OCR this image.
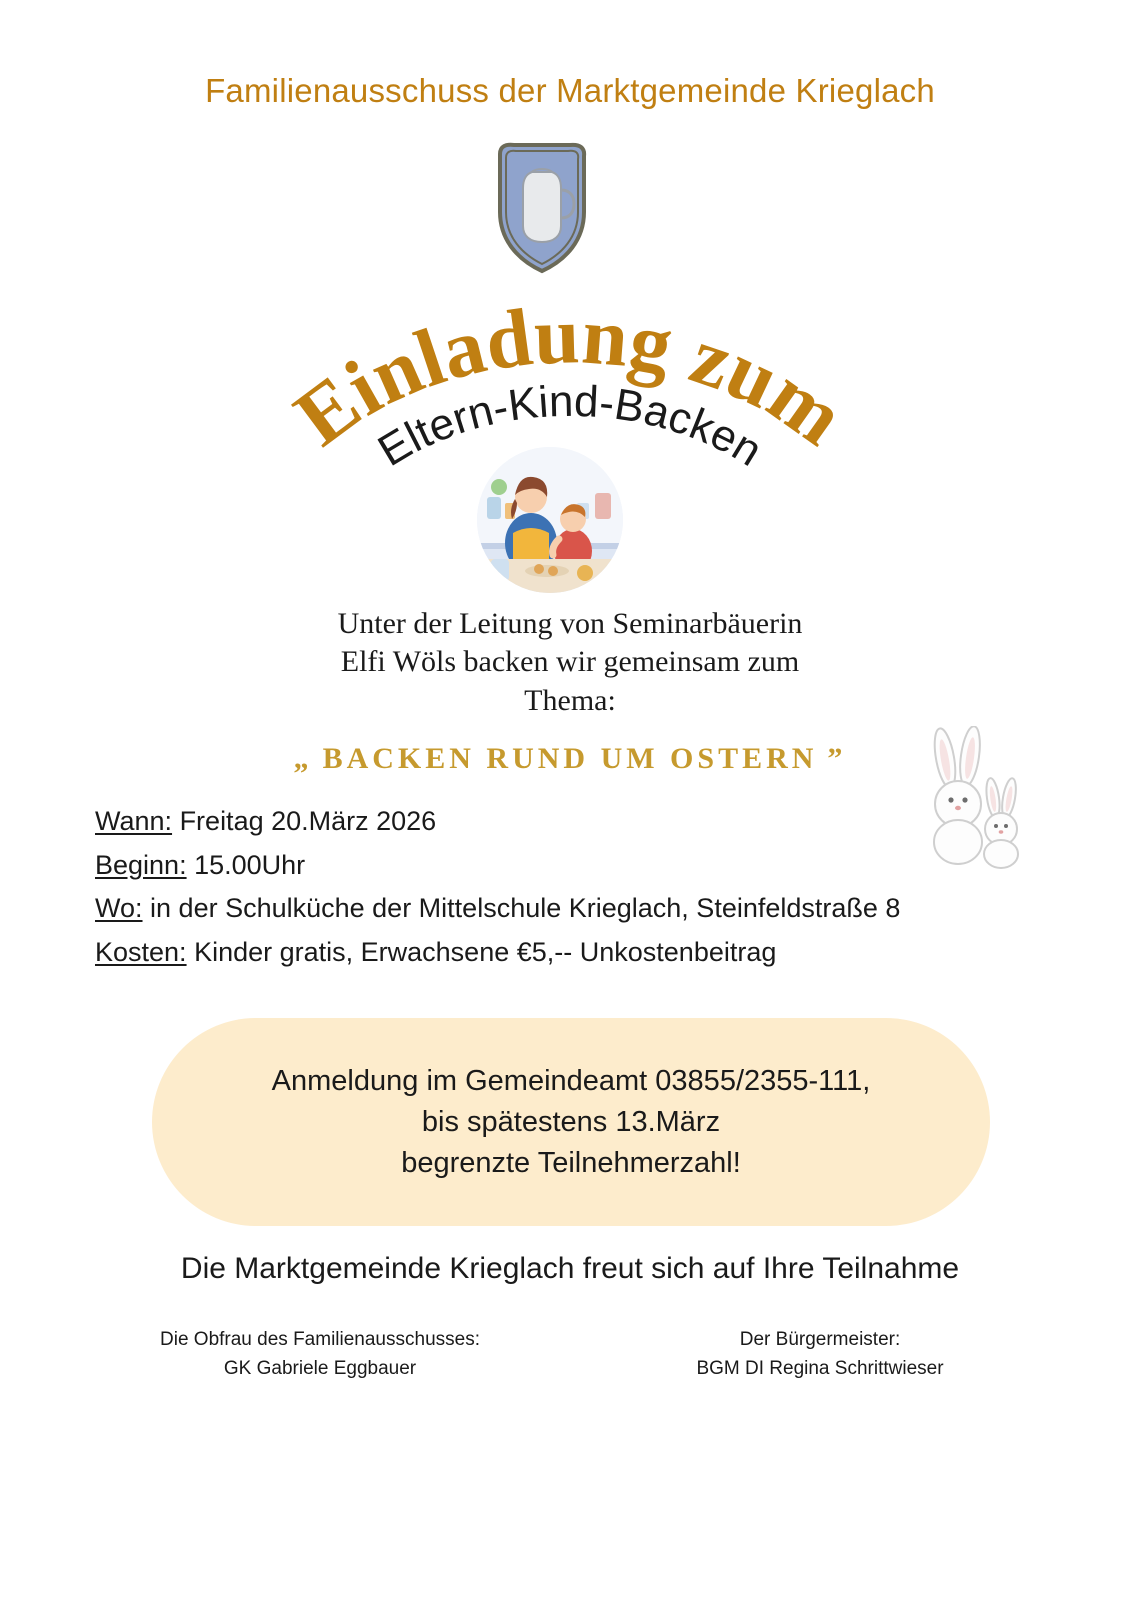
Familienausschuss der Marktgemeinde Krieglach
Einladung zum
Eltern-Kind-Backen
Unter der Leitung von Seminarbäuerin
Elfi Wöls backen wir gemeinsam zum
Thema:
„ BACKEN RUND UM OSTERN ”
Wann: Freitag 20.März 2026
Beginn: 15.00Uhr
Wo: in der Schulküche der Mittelschule Krieglach, Steinfeldstraße 8
Kosten: Kinder gratis, Erwachsene €5,-- Unkostenbeitrag
Anmeldung im Gemeindeamt 03855/2355-111,
bis spätestens 13.März
begrenzte Teilnehmerzahl!
Die Marktgemeinde Krieglach freut sich auf Ihre Teilnahme
Die Obfrau des Familienausschusses:
GK Gabriele Eggbauer
Der Bürgermeister:
BGM DI Regina Schrittwieser
